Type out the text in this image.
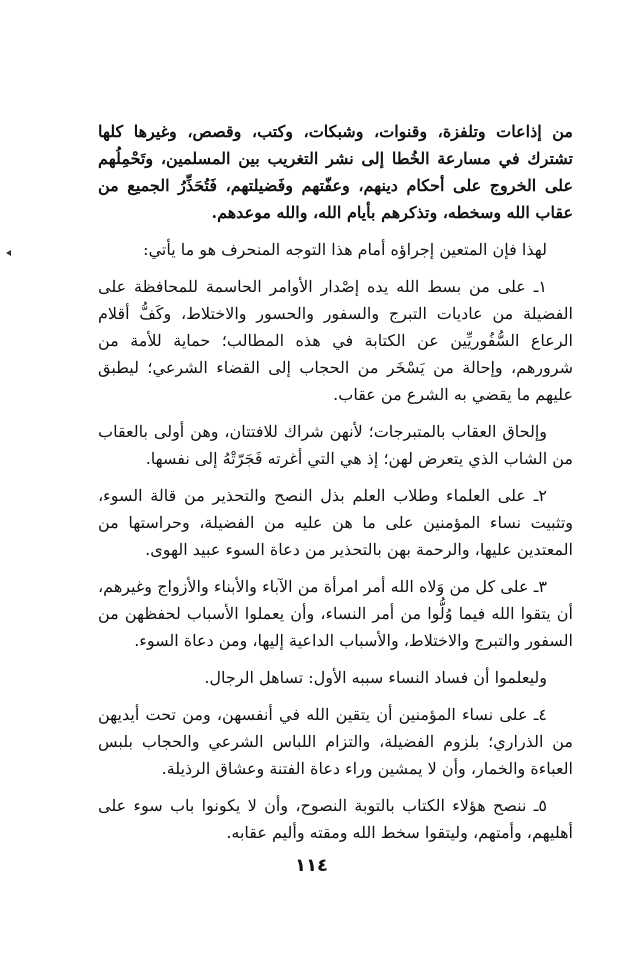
من إذاعات وتلفزة، وقنوات، وشبكات، وكتب، وقصص، وغيرها كلها تشترك في مسارعة الخُطا إلى نشر التغريب بين المسلمين، وتَحْمِلُهم على الخروج على أحكام دينهم، وعفّتهم وفَضيلتهم، فَتُحَذِّرُ الجميع من عقاب الله وسخطه، وتذكرهم بأيام الله، والله موعدهم.

لهذا فإن المتعين إجراؤه أمام هذا التوجه المنحرف هو ما يأتي:

١ـ على من بسط الله يده إصْدار الأوامر الحاسمة للمحافظة على الفضيلة من عاديات التبرج والسفور والحسور والاختلاط، وكَفُّ أقلام الرعاع السُّفُوريِّين عن الكتابة في هذه المطالب؛ حماية للأمة من شرورهم، وإحالة من يَسْخَر من الحجاب إلى القضاء الشرعي؛ ليطبق عليهم ما يقضي به الشرع من عقاب.

وإلحاق العقاب بالمتبرجات؛ لأنهن شراك للافتتان، وهن أولى بالعقاب من الشاب الذي يتعرض لهن؛ إذ هي التي أغرته فَجَرّتْهُ إلى نفسها.

٢ـ على العلماء وطلاب العلم بذل النصح والتحذير من قالة السوء، وتثبيت نساء المؤمنين على ما هن عليه من الفضيلة، وحراستها من المعتدين عليها، والرحمة بهن بالتحذير من دعاة السوء عبيد الهوى.

٣ـ على كل من وَلاه الله أمر امرأة من الآباء والأبناء والأزواج وغيرهم، أن يتقوا الله فيما وُلُّوا من أمر النساء، وأن يعملوا الأسباب لحفظهن من السفور والتبرج والاختلاط، والأسباب الداعية إليها، ومن دعاة السوء.

وليعلموا أن فساد النساء سببه الأول: تساهل الرجال.

٤ـ على نساء المؤمنين أن يتقين الله في أنفسهن، ومن تحت أيديهن من الذراري؛ بلزوم الفضيلة، والتزام اللباس الشرعي والحجاب بلبس العباءة والخمار، وأن لا يمشين وراء دعاة الفتنة وعشاق الرذيلة.

٥ـ ننصح هؤلاء الكتاب بالتوبة النصوح، وأن لا يكونوا باب سوء على أهليهم، وأمتهم، وليتقوا سخط الله ومقته وأليم عقابه.

١١٤
